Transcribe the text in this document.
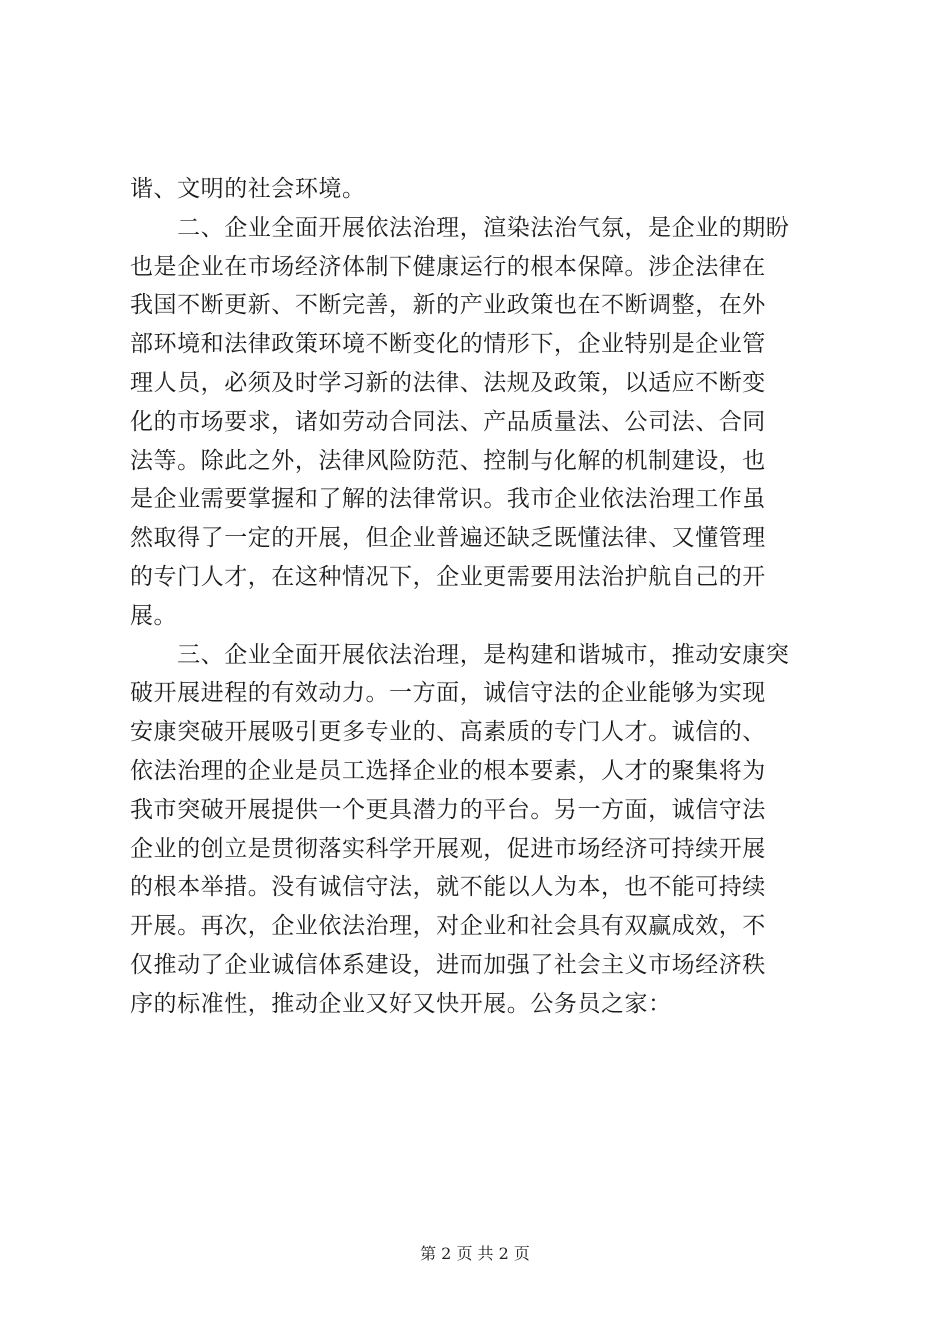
谐、文明的社会环境。
　　二、企业全面开展依法治理，渲染法治气氛，是企业的期盼
也是企业在市场经济体制下健康运行的根本保障。涉企法律在
我国不断更新、不断完善，新的产业政策也在不断调整，在外
部环境和法律政策环境不断变化的情形下，企业特别是企业管
理人员，必须及时学习新的法律、法规及政策，以适应不断变
化的市场要求，诸如劳动合同法、产品质量法、公司法、合同
法等。除此之外，法律风险防范、控制与化解的机制建设，也
是企业需要掌握和了解的法律常识。我市企业依法治理工作虽
然取得了一定的开展，但企业普遍还缺乏既懂法律、又懂管理
的专门人才，在这种情况下，企业更需要用法治护航自己的开
展。
　　三、企业全面开展依法治理，是构建和谐城市，推动安康突
破开展进程的有效动力。一方面，诚信守法的企业能够为实现
安康突破开展吸引更多专业的、高素质的专门人才。诚信的、
依法治理的企业是员工选择企业的根本要素，人才的聚集将为
我市突破开展提供一个更具潜力的平台。另一方面，诚信守法
企业的创立是贯彻落实科学开展观，促进市场经济可持续开展
的根本举措。没有诚信守法，就不能以人为本，也不能可持续
开展。再次，企业依法治理，对企业和社会具有双赢成效，不
仅推动了企业诚信体系建设，进而加强了社会主义市场经济秩
序的标准性，推动企业又好又快开展。公务员之家：
第 2 页 共 2 页
